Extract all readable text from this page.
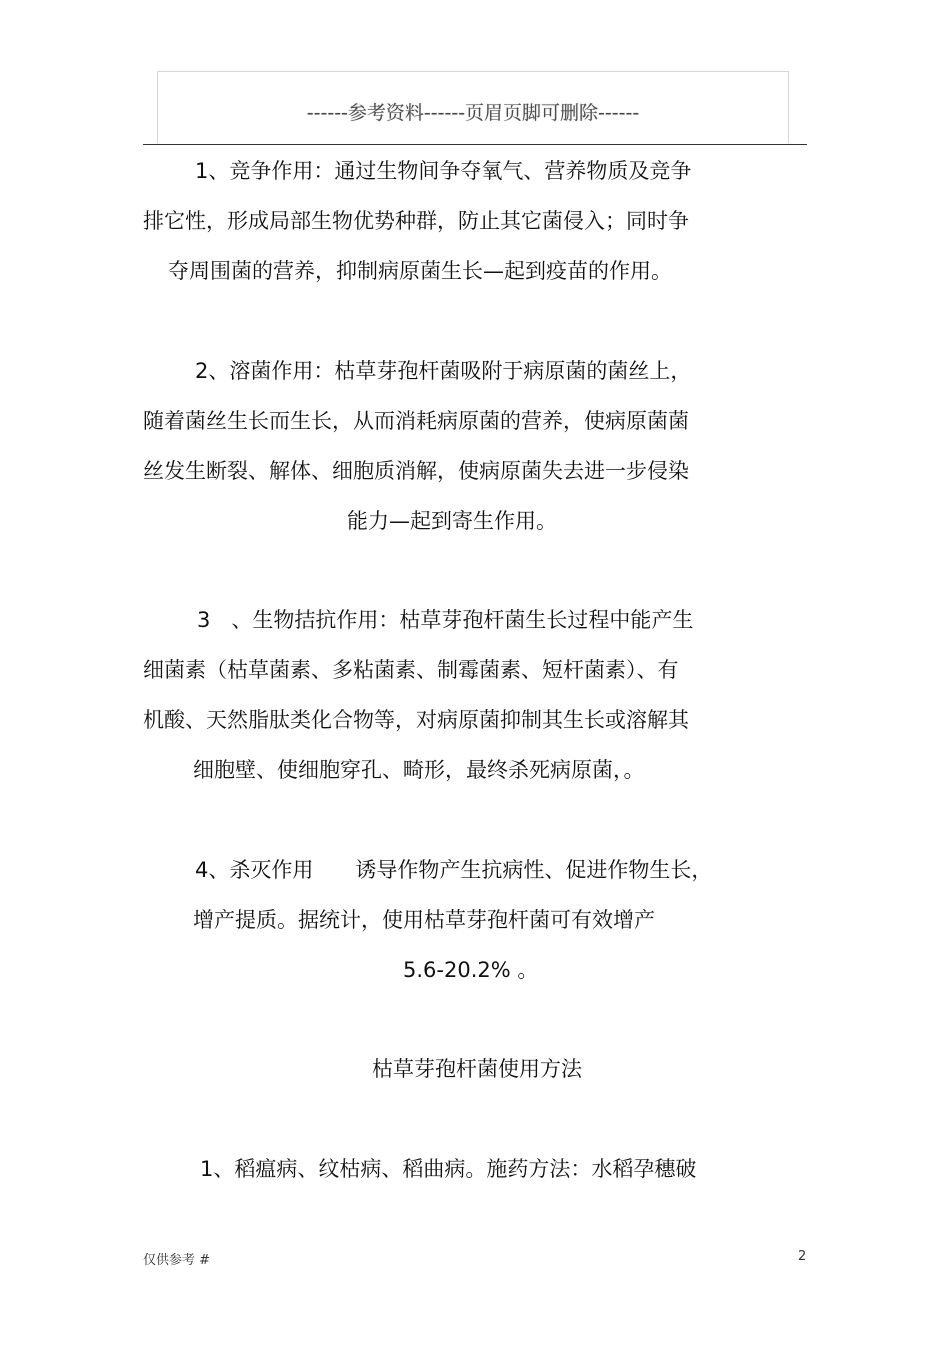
------参考资料------页眉页脚可删除------
1、竞争作用：通过生物间争夺氧气、营养物质及竞争
排它性，形成局部生物优势种群，防止其它菌侵入；同时争
夺周围菌的营养，抑制病原菌生长—起到疫苗的作用。
2、溶菌作用：枯草芽孢杆菌吸附于病原菌的菌丝上，
随着菌丝生长而生长，从而消耗病原菌的营养，使病原菌菌
丝发生断裂、解体、细胞质消解，使病原菌失去进一步侵染
能力—起到寄生作用。
3　、生物拮抗作用：枯草芽孢杆菌生长过程中能产生
细菌素（枯草菌素、多粘菌素、制霉菌素、短杆菌素）、有
机酸、天然脂肽类化合物等，对病原菌抑制其生长或溶解其
细胞壁、使细胞穿孔、畸形，最终杀死病原菌，。
4、杀灭作用　　诱导作物产生抗病性、促进作物生长，
增产提质。据统计，使用枯草芽孢杆菌可有效增产
5.6-20.2% 。
枯草芽孢杆菌使用方法
1、稻瘟病、纹枯病、稻曲病。施药方法：水稻孕穗破
仅供参考 #	2
